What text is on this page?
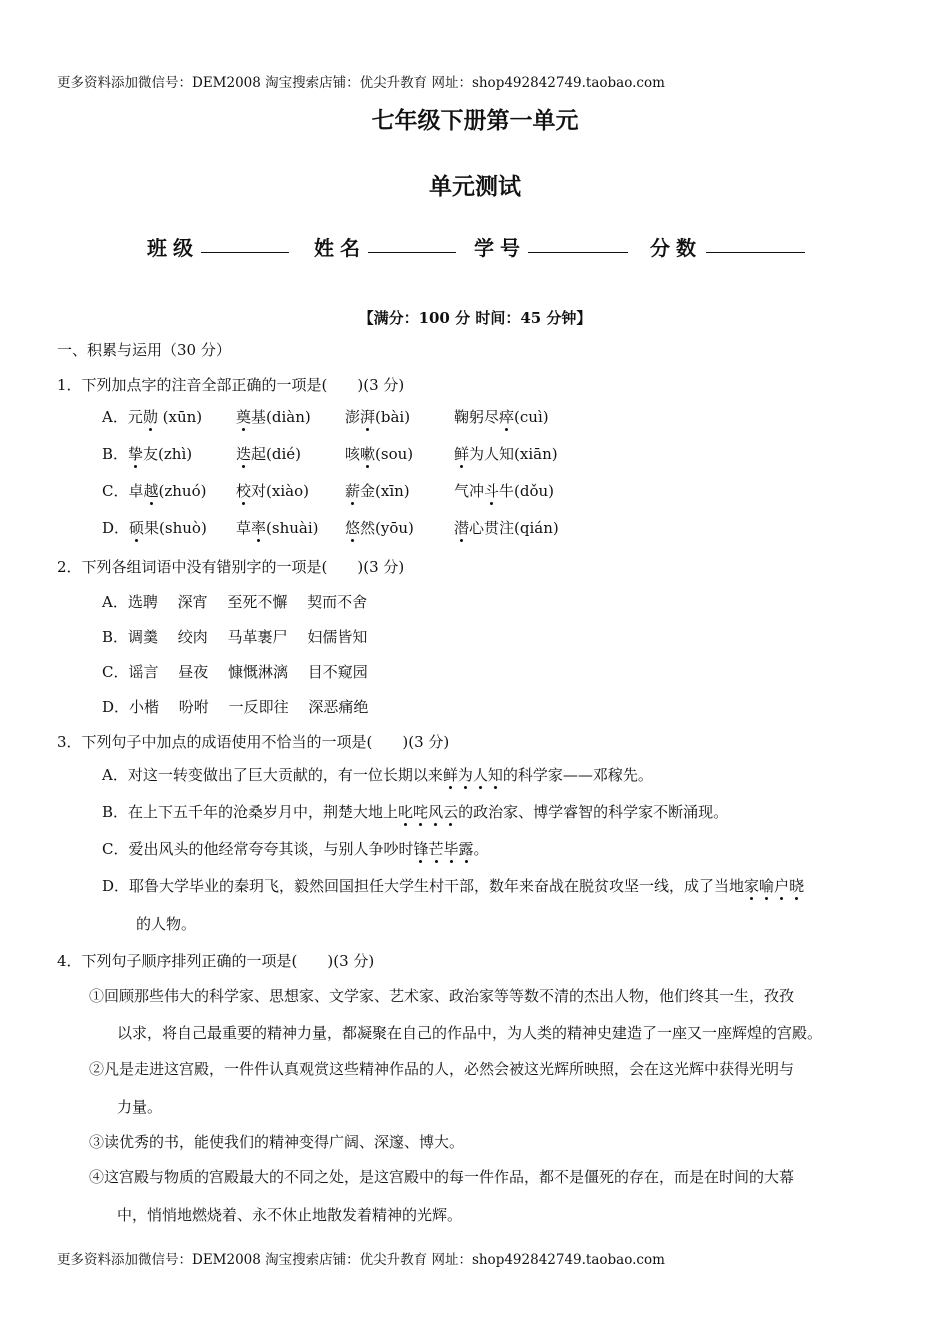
更多资料添加微信号：DEM2008 淘宝搜索店铺：优尖升教育 网址：shop492842749.taobao.com
七年级下册第一单元
单元测试
班级	姓名	学号	分数
【满分：100 分 时间：45 分钟】
一、积累与运用（30 分）
1．下列加点字的注音全部正确的一项是(　　)(3 分)
A．元勋 (xūn) 奠基(diàn) 澎湃(bài)	鞠躬尽瘁(cuì)
B．挚友(zhì)	迭起(dié)	咳嗽(sou)	鲜为人知(xiān)
C．卓越(zhuó) 校对(xiào) 薪金(xīn)	气冲斗牛(dǒu)
D．硕果(shuò) 草率(shuài) 悠然(yōu)	潜心贯注(qián)
2．下列各组词语中没有错别字的一项是(　　)(3 分)
A．选聘　 深宵　 至死不懈　 契而不舍
B．调羹　 绞肉　 马革裹尸　 妇儒皆知
C．谣言　 昼夜　 慷慨淋漓　 目不窥园
D．小楷　 吩咐　 一反即往　 深恶痛绝
3．下列句子中加点的成语使用不恰当的一项是(　　)(3 分)
A．对这一转变做出了巨大贡献的，有一位长期以来鲜为人知的科学家——邓稼先。
B．在上下五千年的沧桑岁月中，荆楚大地上叱咤风云的政治家、博学睿智的科学家不断涌现。
C．爱出风头的他经常夸夸其谈，与别人争吵时锋芒毕露。
D．耶鲁大学毕业的秦玥飞，毅然回国担任大学生村干部，数年来奋战在脱贫攻坚一线，成了当地家喻户晓
的人物。
4．下列句子顺序排列正确的一项是(　　)(3 分)
①回顾那些伟大的科学家、思想家、文学家、艺术家、政治家等等数不清的杰出人物，他们终其一生，孜孜
以求，将自己最重要的精神力量，都凝聚在自己的作品中，为人类的精神史建造了一座又一座辉煌的宫殿。
②凡是走进这宫殿，一件件认真观赏这些精神作品的人，必然会被这光辉所映照，会在这光辉中获得光明与
力量。
③读优秀的书，能使我们的精神变得广阔、深邃、博大。
④这宫殿与物质的宫殿最大的不同之处，是这宫殿中的每一件作品，都不是僵死的存在，而是在时间的大幕
中，悄悄地燃烧着、永不休止地散发着精神的光辉。
更多资料添加微信号：DEM2008 淘宝搜索店铺：优尖升教育 网址：shop492842749.taobao.com
